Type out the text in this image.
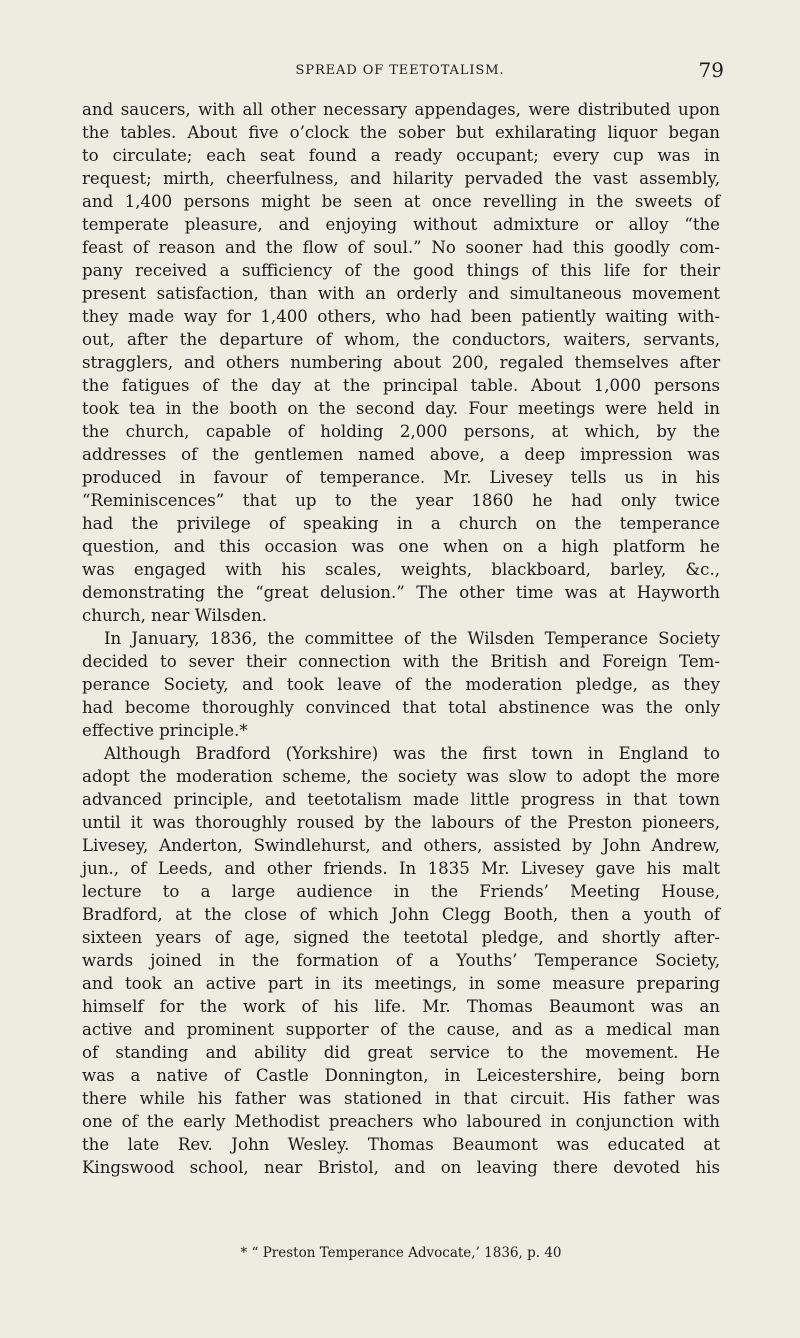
SPREAD OF TEETOTALISM.	79
and saucers, with all other necessary appendages, were distributed upon
the tables. About five o’clock the sober but exhilarating liquor began
to circulate; each seat found a ready occupant; every cup was in
request; mirth, cheerfulness, and hilarity pervaded the vast assembly,
and 1,400 persons might be seen at once revelling in the sweets of
temperate pleasure, and enjoying without admixture or alloy “the
feast of reason and the flow of soul.” No sooner had this goodly com-
pany received a sufficiency of the good things of this life for their
present satisfaction, than with an orderly and simultaneous movement
they made way for 1,400 others, who had been patiently waiting with-
out, after the departure of whom, the conductors, waiters, servants,
stragglers, and others numbering about 200, regaled themselves after
the fatigues of the day at the principal table. About 1,000 persons
took tea in the booth on the second day. Four meetings were held in
the church, capable of holding 2,000 persons, at which, by the
addresses of the gentlemen named above, a deep impression was
produced in favour of temperance. Mr. Livesey tells us in his
“Reminiscences” that up to the year 1860 he had only twice
had the privilege of speaking in a church on the temperance
question, and this occasion was one when on a high platform he
was engaged with his scales, weights, blackboard, barley, &c.,
demonstrating the “great delusion.” The other time was at Hayworth
church, near Wilsden.
In January, 1836, the committee of the Wilsden Temperance Society
decided to sever their connection with the British and Foreign Tem-
perance Society, and took leave of the moderation pledge, as they
had become thoroughly convinced that total abstinence was the only
effective principle.*
Although Bradford (Yorkshire) was the first town in England to
adopt the moderation scheme, the society was slow to adopt the more
advanced principle, and teetotalism made little progress in that town
until it was thoroughly roused by the labours of the Preston pioneers,
Livesey, Anderton, Swindlehurst, and others, assisted by John Andrew,
jun., of Leeds, and other friends. In 1835 Mr. Livesey gave his malt
lecture to a large audience in the Friends’ Meeting House,
Bradford, at the close of which John Clegg Booth, then a youth of
sixteen years of age, signed the teetotal pledge, and shortly after-
wards joined in the formation of a Youths’ Temperance Society,
and took an active part in its meetings, in some measure preparing
himself for the work of his life. Mr. Thomas Beaumont was an
active and prominent supporter of the cause, and as a medical man
of standing and ability did great service to the movement. He
was a native of Castle Donnington, in Leicestershire, being born
there while his father was stationed in that circuit. His father was
one of the early Methodist preachers who laboured in conjunction with
the late Rev. John Wesley. Thomas Beaumont was educated at
Kingswood school, near Bristol, and on leaving there devoted his
* “ Preston Temperance Advocate,’ 1836, p. 40
